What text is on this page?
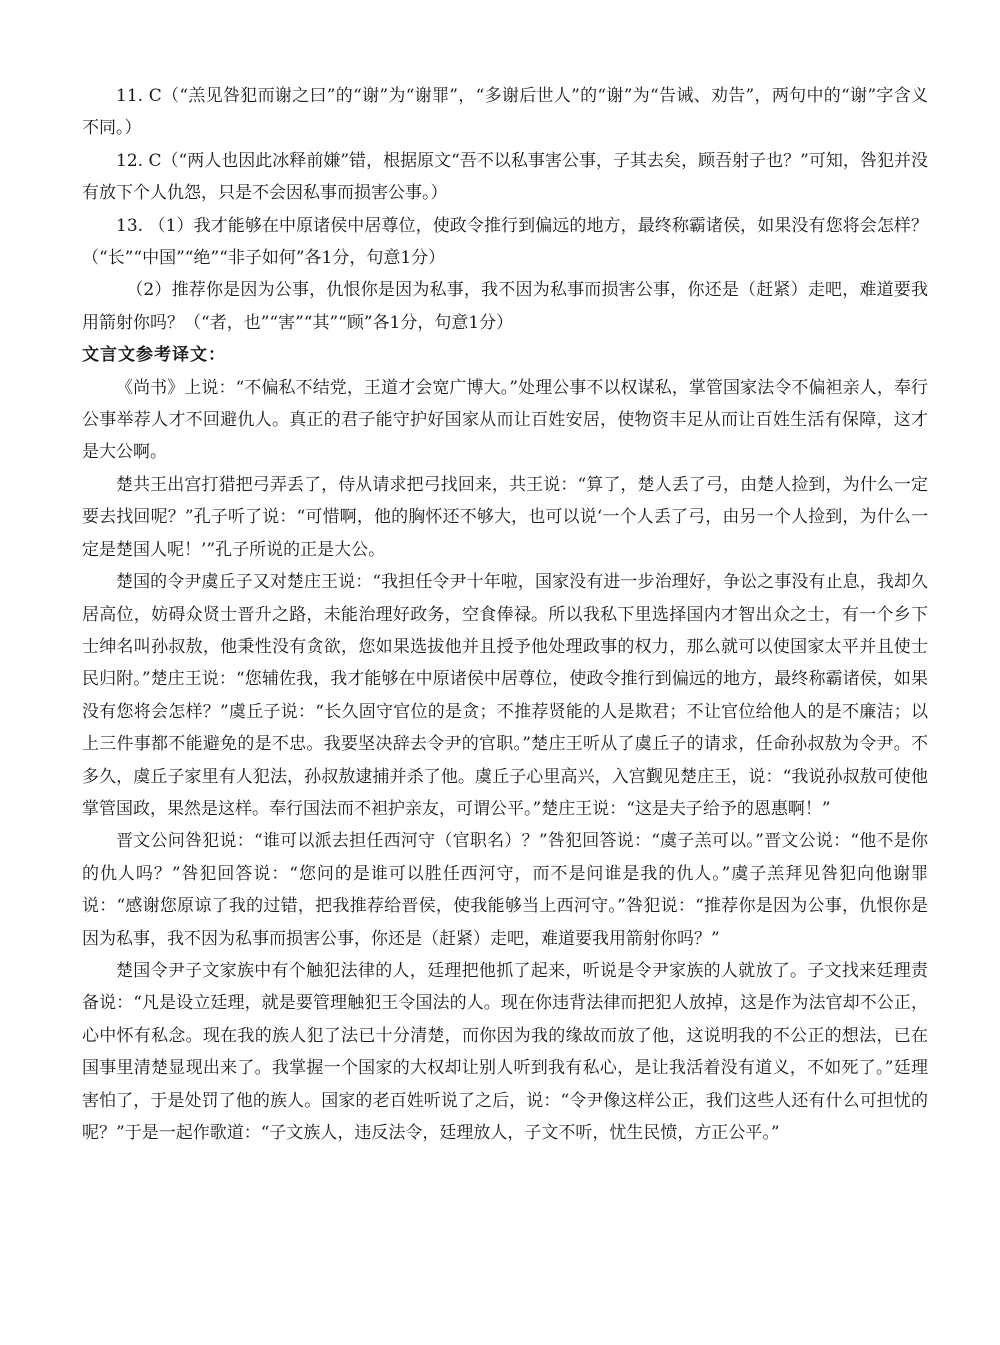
11. C（“羔见咎犯而谢之曰”的“谢”为“谢罪”，“多谢后世人”的“谢”为“告诫、劝告”，两句中的“谢”字含义不同。）

12. C（“两人也因此冰释前嫌”错，根据原文“吾不以私事害公事，子其去矣，顾吾射子也？”可知，咎犯并没有放下个人仇怨，只是不会因私事而损害公事。）

13. （1）我才能够在中原诸侯中居尊位，使政令推行到偏远的地方，最终称霸诸侯，如果没有您将会怎样？（“长”“中国”“绝”“非子如何”各1分，句意1分）

（2）推荐你是因为公事，仇恨你是因为私事，我不因为私事而损害公事，你还是（赶紧）走吧，难道要我用箭射你吗？（“者，也”“害”“其”“顾”各1分，句意1分）

文言文参考译文：

《尚书》上说：“不偏私不结党，王道才会宽广博大。”处理公事不以权谋私，掌管国家法令不偏袒亲人，奉行公事举荐人才不回避仇人。真正的君子能守护好国家从而让百姓安居，使物资丰足从而让百姓生活有保障，这才是大公啊。

楚共王出宫打猎把弓弄丢了，侍从请求把弓找回来，共王说：“算了，楚人丢了弓，由楚人捡到，为什么一定要去找回呢？”孔子听了说：“可惜啊，他的胸怀还不够大，也可以说‘一个人丢了弓，由另一个人捡到，为什么一定是楚国人呢！’”孔子所说的正是大公。

楚国的令尹虞丘子又对楚庄王说：“我担任令尹十年啦，国家没有进一步治理好，争讼之事没有止息，我却久居高位，妨碍众贤士晋升之路，未能治理好政务，空食俸禄。所以我私下里选择国内才智出众之士，有一个乡下士绅名叫孙叔敖，他秉性没有贪欲，您如果选拔他并且授予他处理政事的权力，那么就可以使国家太平并且使士民归附。”楚庄王说：“您辅佐我，我才能够在中原诸侯中居尊位，使政令推行到偏远的地方，最终称霸诸侯，如果没有您将会怎样？”虞丘子说：“长久固守官位的是贪；不推荐贤能的人是欺君；不让官位给他人的是不廉洁；以上三件事都不能避免的是不忠。我要坚决辞去令尹的官职。”楚庄王听从了虞丘子的请求，任命孙叔敖为令尹。不多久，虞丘子家里有人犯法，孙叔敖逮捕并杀了他。虞丘子心里高兴，入宫觐见楚庄王，说：“我说孙叔敖可使他掌管国政，果然是这样。奉行国法而不袒护亲友，可谓公平。”楚庄王说：“这是夫子给予的恩惠啊！”

晋文公问咎犯说：“谁可以派去担任西河守（官职名）？”咎犯回答说：“虞子羔可以。”晋文公说：“他不是你的仇人吗？”咎犯回答说：“您问的是谁可以胜任西河守，而不是问谁是我的仇人。”虞子羔拜见咎犯向他谢罪说：“感谢您原谅了我的过错，把我推荐给晋侯，使我能够当上西河守。”咎犯说：“推荐你是因为公事，仇恨你是因为私事，我不因为私事而损害公事，你还是（赶紧）走吧，难道要我用箭射你吗？”

楚国令尹子文家族中有个触犯法律的人，廷理把他抓了起来，听说是令尹家族的人就放了。子文找来廷理责备说：“凡是设立廷理，就是要管理触犯王令国法的人。现在你违背法律而把犯人放掉，这是作为法官却不公正，心中怀有私念。现在我的族人犯了法已十分清楚，而你因为我的缘故而放了他，这说明我的不公正的想法，已在国事里清楚显现出来了。我掌握一个国家的大权却让别人听到我有私心，是让我活着没有道义，不如死了。”廷理害怕了，于是处罚了他的族人。国家的老百姓听说了之后，说：“令尹像这样公正，我们这些人还有什么可担忧的呢？”于是一起作歌道：“子文族人，违反法令，廷理放人，子文不听，忧生民愤，方正公平。”
